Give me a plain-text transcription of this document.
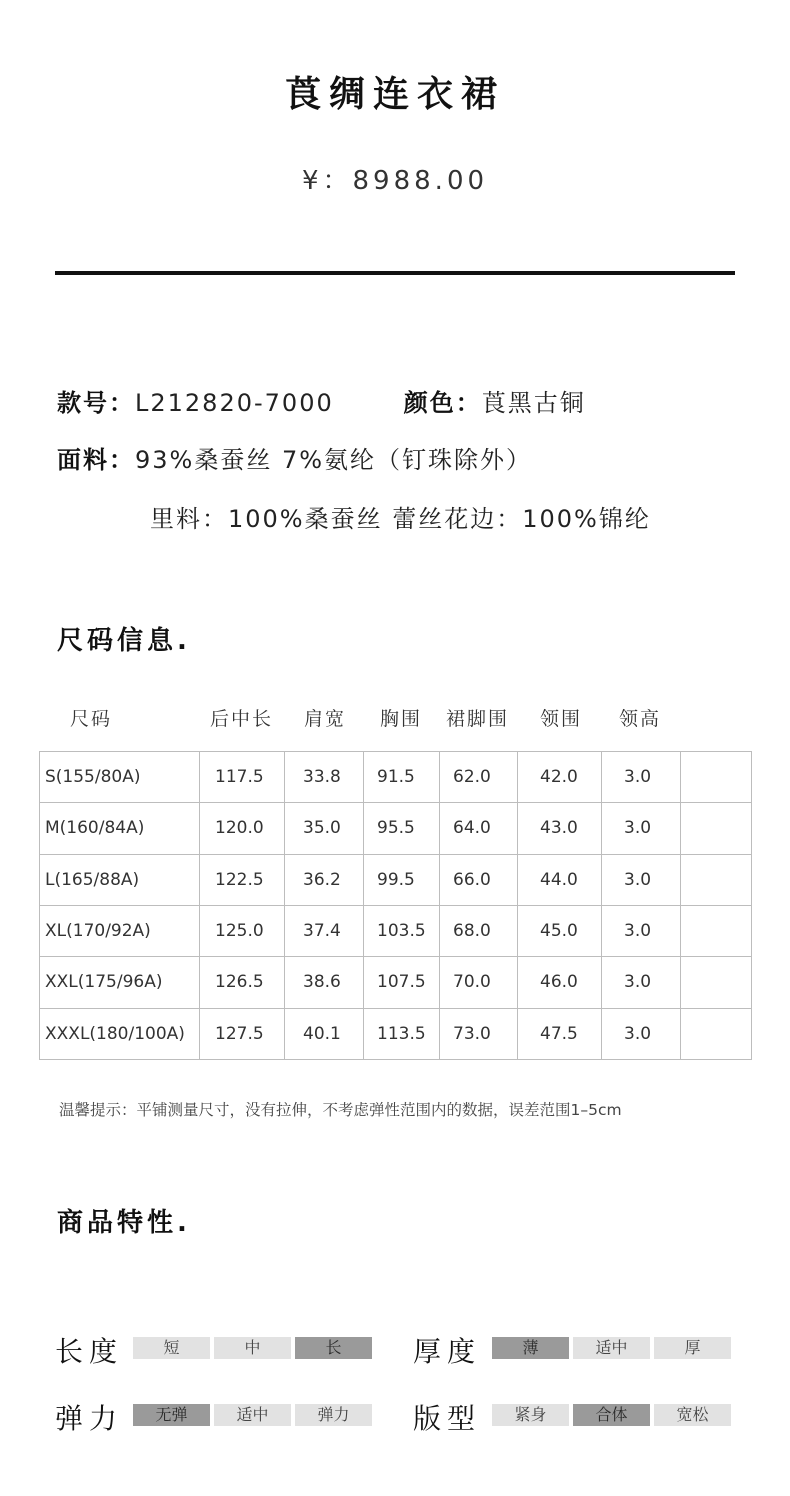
莨绸连衣裙
¥：8988.00
款号：L212820-7000	颜色：莨黑古铜
面料：93%桑蚕丝 7%氨纶（钉珠除外）
里料：100%桑蚕丝 蕾丝花边：100%锦纶
尺码信息.
尺码	后中长 肩宽 胸围 裙脚围 领围 领高
S(155/80A)	117.5	33.8	91.5	62.0	42.0	3.0	
M(160/84A)	120.0	35.0	95.5	64.0	43.0	3.0	
L(165/88A)	122.5	36.2	99.5	66.0	44.0	3.0	
XL(170/92A)	125.0	37.4	103.5	68.0	45.0	3.0	
XXL(175/96A)	126.5	38.6	107.5	70.0	46.0	3.0	
XXXL(180/100A)	127.5	40.1	113.5	73.0	47.5	3.0	
温馨提示：平铺测量尺寸，没有拉伸，不考虑弹性范围内的数据，误差范围1–5cm
商品特性.
长度	短	中	长	厚度	薄	适中	厚
弹力	无弹	适中	弹力	版型	紧身	合体	宽松
